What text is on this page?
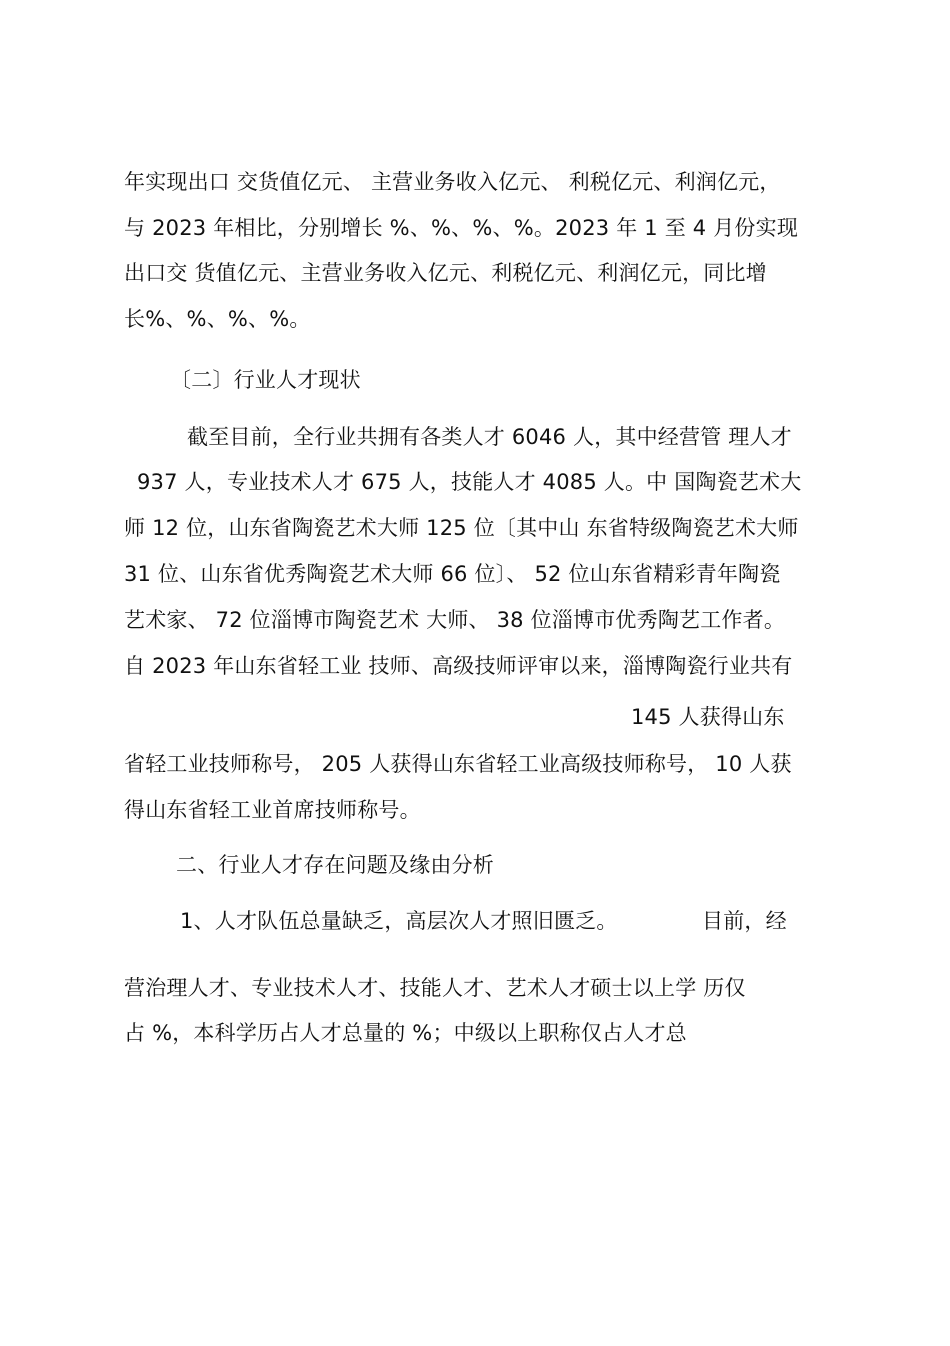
年实现出口 交货值亿元、 主营业务收入亿元、 利税亿元、利润亿元，
与 2023 年相比，分别增长 %、%、%、%。2023 年 1 至 4 月份实现
出口交 货值亿元、主营业务收入亿元、利税亿元、利润亿元，同比增
长%、%、%、%。
〔二〕行业人才现状
截至目前，全行业共拥有各类人才 6046 人，其中经营管 理人才
937 人，专业技术人才 675 人，技能人才 4085 人。中 国陶瓷艺术大
师 12 位，山东省陶瓷艺术大师 125 位〔其中山 东省特级陶瓷艺术大师
31 位、山东省优秀陶瓷艺术大师 66 位〕、 52 位山东省精彩青年陶瓷
艺术家、 72 位淄博市陶瓷艺术 大师、 38 位淄博市优秀陶艺工作者。
自 2023 年山东省轻工业 技师、高级技师评审以来，淄博陶瓷行业共有
145 人获得山东
省轻工业技师称号， 205 人获得山东省轻工业高级技师称号， 10 人获
得山东省轻工业首席技师称号。
二、行业人才存在问题及缘由分析
1、人才队伍总量缺乏，高层次人才照旧匮乏。	目前，经
营治理人才、专业技术人才、技能人才、艺术人才硕士以上学 历仅
占 %，本科学历占人才总量的 %；中级以上职称仅占人才总
